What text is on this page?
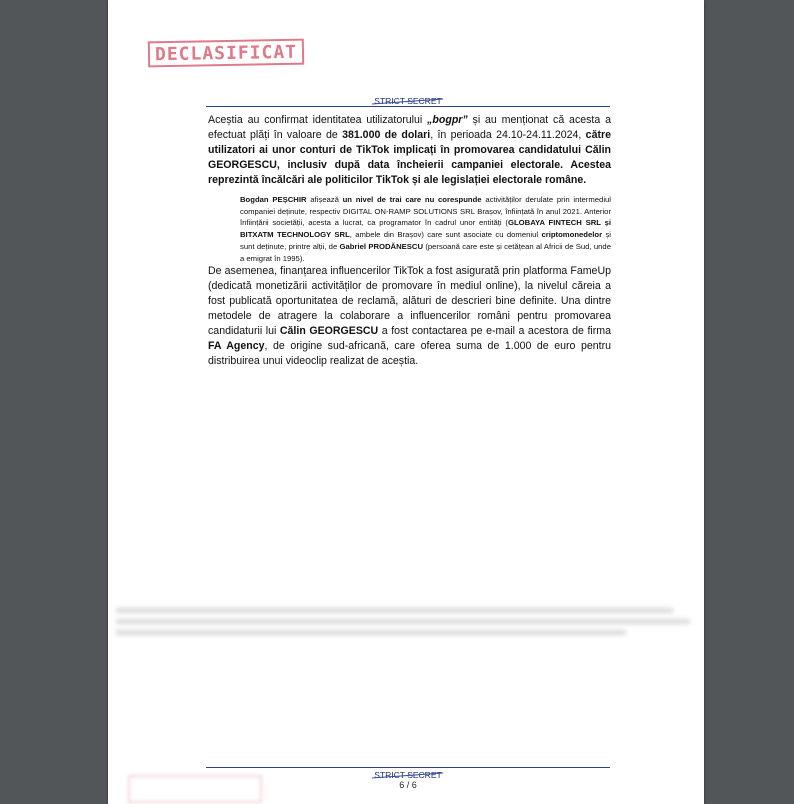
DECLASIFICAT
STRICT SECRET

Aceștia au confirmat identitatea utilizatorului „bogpr” și au menționat că acesta a efectuat plăți în valoare de 381.000 de dolari, în perioada 24.10-24.11.2024, către utilizatori ai unor conturi de TikTok implicați în promovarea candidatului Călin GEORGESCU, inclusiv după data încheierii campaniei electorale. Acestea reprezintă încălcări ale politicilor TikTok și ale legislației electorale române.

Bogdan PEȘCHIR afișează un nivel de trai care nu corespunde activităților derulate prin intermediul companiei deținute, respectiv DIGITAL ON-RAMP SOLUTIONS SRL Brașov, înființată în anul 2021. Anterior înființării societății, acesta a lucrat, ca programator în cadrul unor entități (GLOBAYA FINTECH SRL și BITXATM TECHNOLOGY SRL, ambele din Brașov) care sunt asociate cu domeniul criptomonedelor și sunt deținute, printre alții, de Gabriel PRODĂNESCU (persoană care este și cetățean al Africii de Sud, unde a emigrat în 1995).

De asemenea, finanțarea influencerilor TikTok a fost asigurată prin platforma FameUp (dedicată monetizării activităților de promovare în mediul online), la nivelul căreia a fost publicată oportunitatea de reclamă, alături de descrieri bine definite. Una dintre metodele de atragere la colaborare a influencerilor români pentru promovarea candidaturii lui Călin GEORGESCU a fost contactarea pe e-mail a acestora de firma FA Agency, de origine sud-africană, care oferea suma de 1.000 de euro pentru distribuirea unui videoclip realizat de aceștia.

STRICT SECRET
6 / 6
